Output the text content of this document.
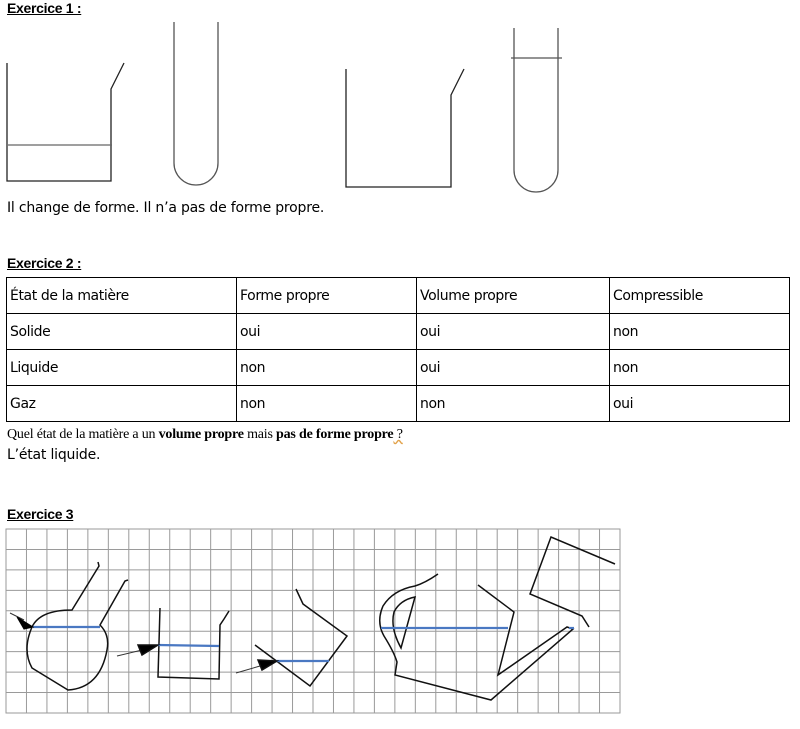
Exercice 1 :
Il change de forme. Il n’a pas de forme propre.
Exercice 2 :
État de la matière	Forme propre	Volume propre	Compressible
Solide	oui	oui	non
Liquide	non	oui	non
Gaz	non	non	oui
Quel état de la matière a un volume propre mais pas de forme propre ?
L’état liquide.
Exercice 3
